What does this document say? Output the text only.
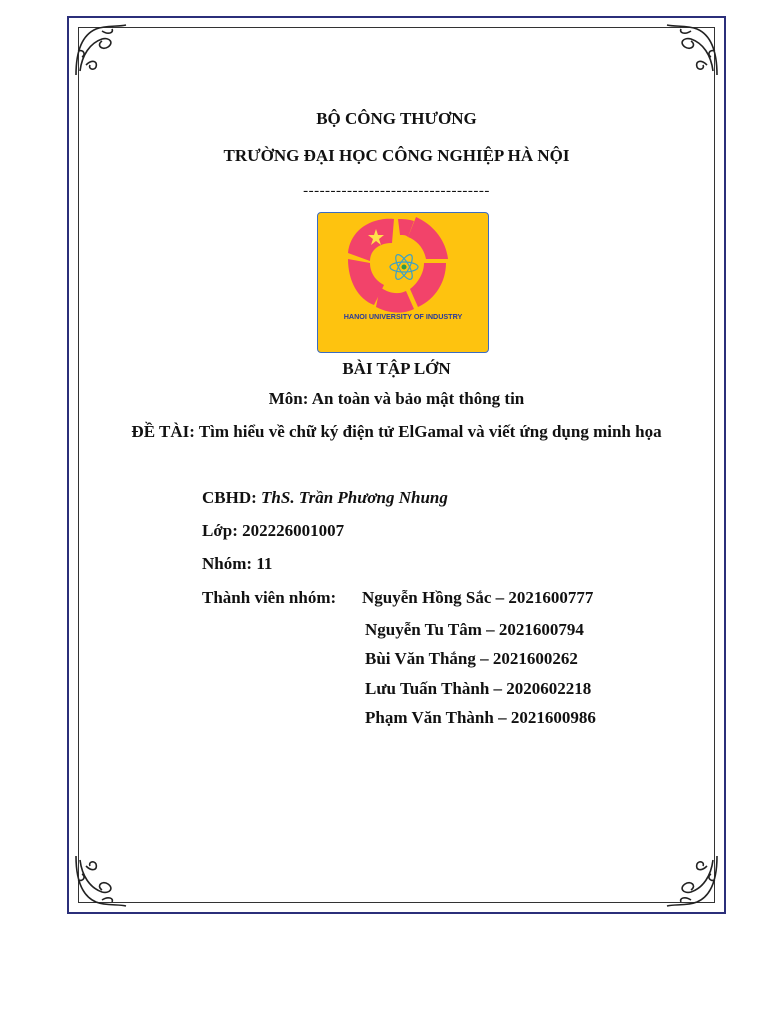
BỘ CÔNG THƯƠNG
TRƯỜNG ĐẠI HỌC CÔNG NGHIỆP HÀ NỘI
----------------------------------
HANOI UNIVERSITY OF INDUSTRY
BÀI TẬP LỚN
Môn: An toàn và bảo mật thông tin
ĐỀ TÀI: Tìm hiểu về chữ ký điện tử ElGamal và viết ứng dụng minh họa
CBHD: ThS. Trần Phương Nhung
Lớp: 202226001007
Nhóm: 11
Thành viên nhóm: Nguyễn Hồng Sắc – 2021600777
Nguyễn Tu Tâm – 2021600794
Bùi Văn Thắng – 2021600262
Lưu Tuấn Thành – 2020602218
Phạm Văn Thành – 2021600986
